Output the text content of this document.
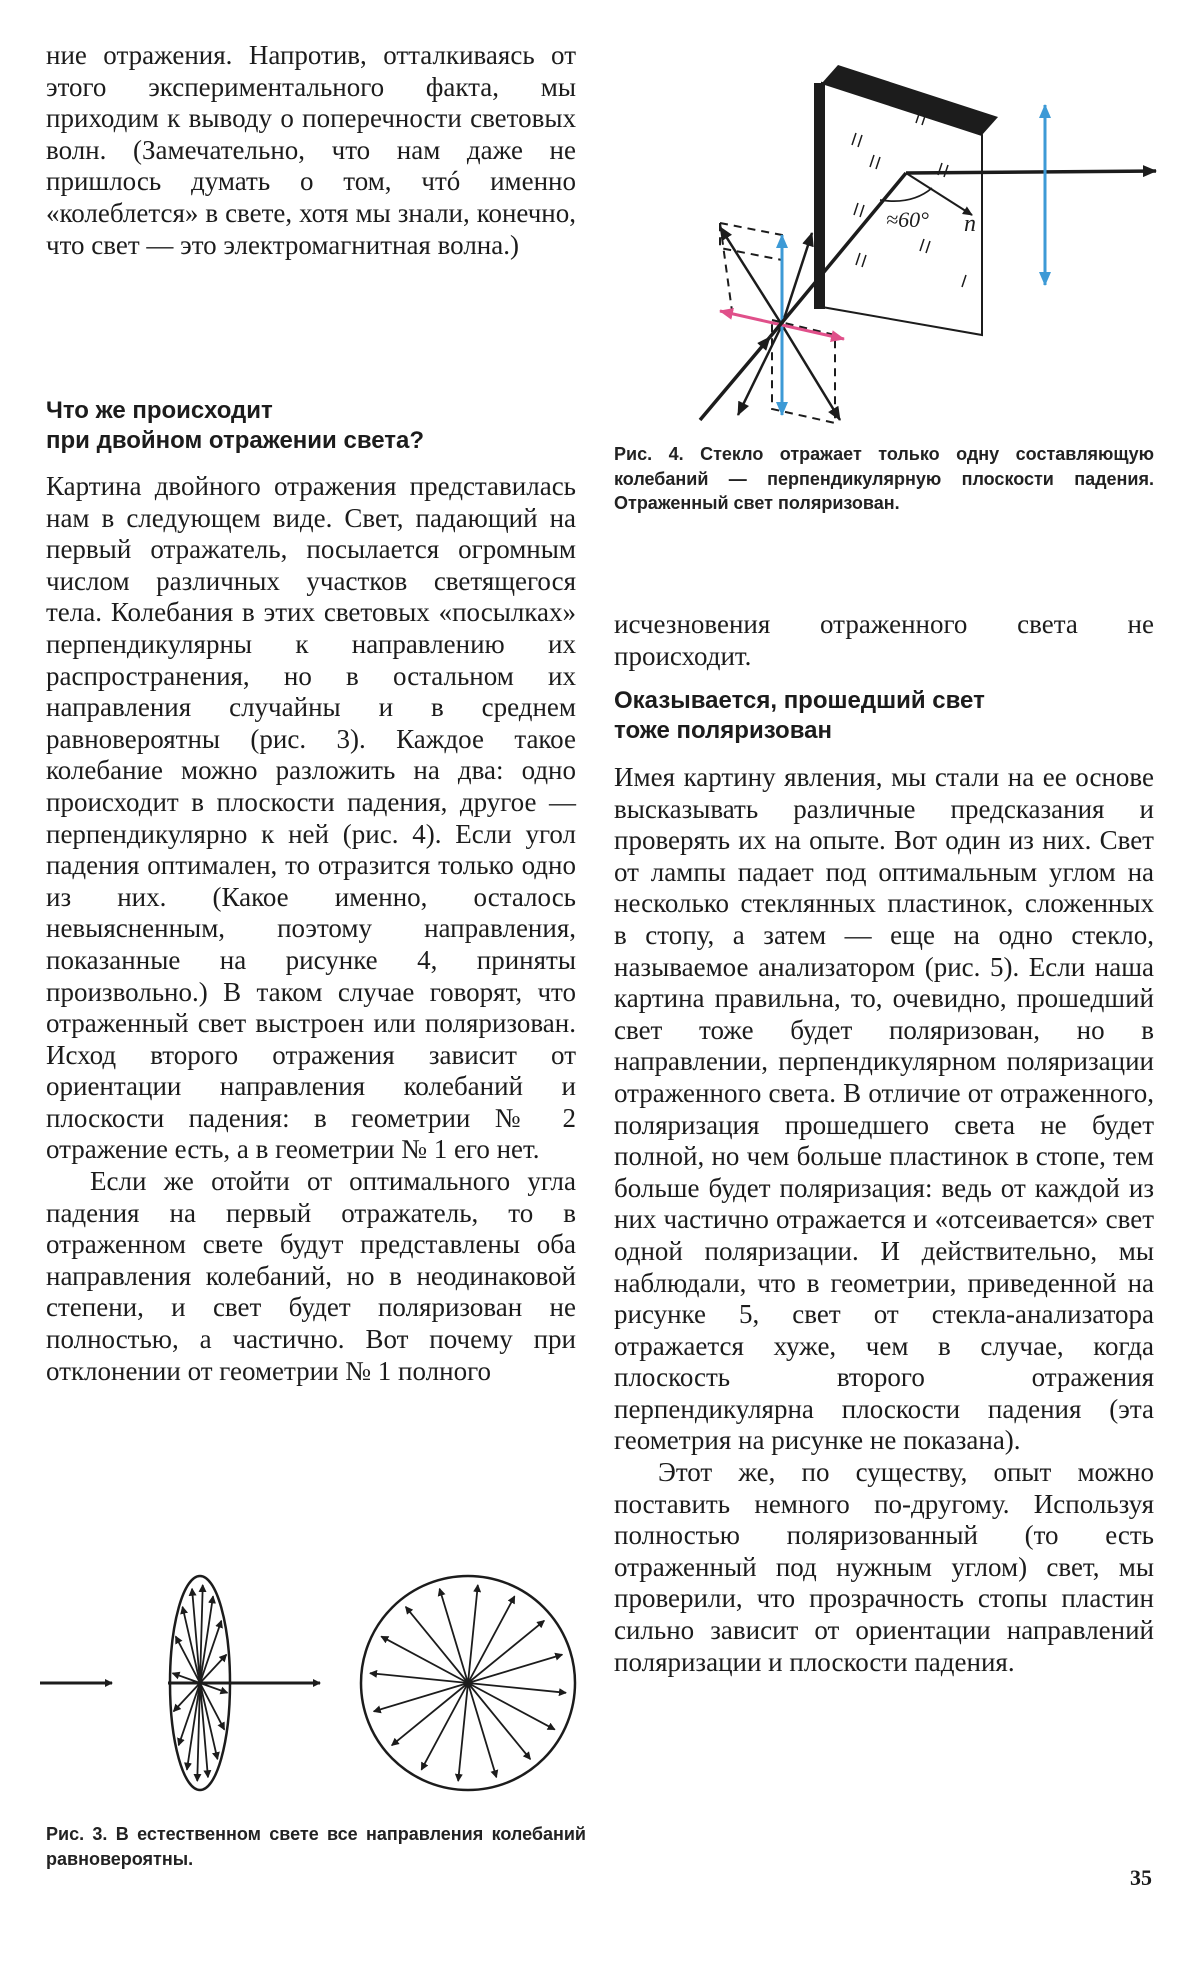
ние отражения. Напротив, отталкиваясь от этого экспериментального факта, мы приходим к выводу о поперечности световых волн. (Замечательно, что нам даже не пришлось думать о том, чтó именно «колеблется» в свете, хотя мы знали, конечно, что свет — это электромагнитная волна.)

Что же происходит

при двойном отражении света?

Картина двойного отражения представилась нам в следующем виде. Свет, падающий на первый отражатель, посылается огромным числом различных участков светящегося тела. Колебания в этих световых «посылках» перпендикулярны к направлению их распространения, но в остальном их направления случайны и в среднем равновероятны (рис. 3). Каждое такое колебание можно разложить на два: одно происходит в плоскости падения, другое — перпендикулярно к ней (рис. 4). Если угол падения оптимален, то отразится только одно из них. (Какое именно, осталось невыясненным, поэтому направления, показанные на рисунке 4, приняты произвольно.) В таком случае говорят, что отраженный свет выстроен или поляризован. Исход второго отражения зависит от ориентации направления колебаний и плоскости падения: в геометрии № 2 отражение есть, а в геометрии № 1 его нет.

Если же отойти от оптимального угла падения на первый отражатель, то в отраженном свете будут представлены оба направления колебаний, но в неодинаковой степени, и свет будет поляризован не полностью, а частично. Вот почему при отклонении от геометрии № 1 полного

Рис. 3. В естественном свете все направления колебаний равновероятны.

≈60° n

Рис. 4. Стекло отражает только одну составляющую колебаний — перпендикулярную плоскости падения. Отраженный свет поляризован.

исчезновения отраженного света не происходит.

Оказывается, прошедший свет

тоже поляризован

Имея картину явления, мы стали на ее основе высказывать различные предсказания и проверять их на опыте. Вот один из них. Свет от лампы падает под оптимальным углом на несколько стеклянных пластинок, сложенных в стопу, а затем — еще на одно стекло, называемое анализатором (рис. 5). Если наша картина правильна, то, очевидно, прошедший свет тоже будет поляризован, но в направлении, перпендикулярном поляризации отраженного света. В отличие от отраженного, поляризация прошедшего света не будет полной, но чем больше пластинок в стопе, тем больше будет поляризация: ведь от каждой из них частично отражается и «отсеивается» свет одной поляризации. И действительно, мы наблюдали, что в геометрии, приведенной на рисунке 5, свет от стекла-анализатора отражается хуже, чем в случае, когда плоскость второго отражения перпендикулярна плоскости падения (эта геометрия на рисунке не показана).

Этот же, по существу, опыт можно поставить немного по-другому. Используя полностью поляризованный (то есть отраженный под нужным углом) свет, мы проверили, что прозрачность стопы пластин сильно зависит от ориентации направлений поляризации и плоскости падения.

35
